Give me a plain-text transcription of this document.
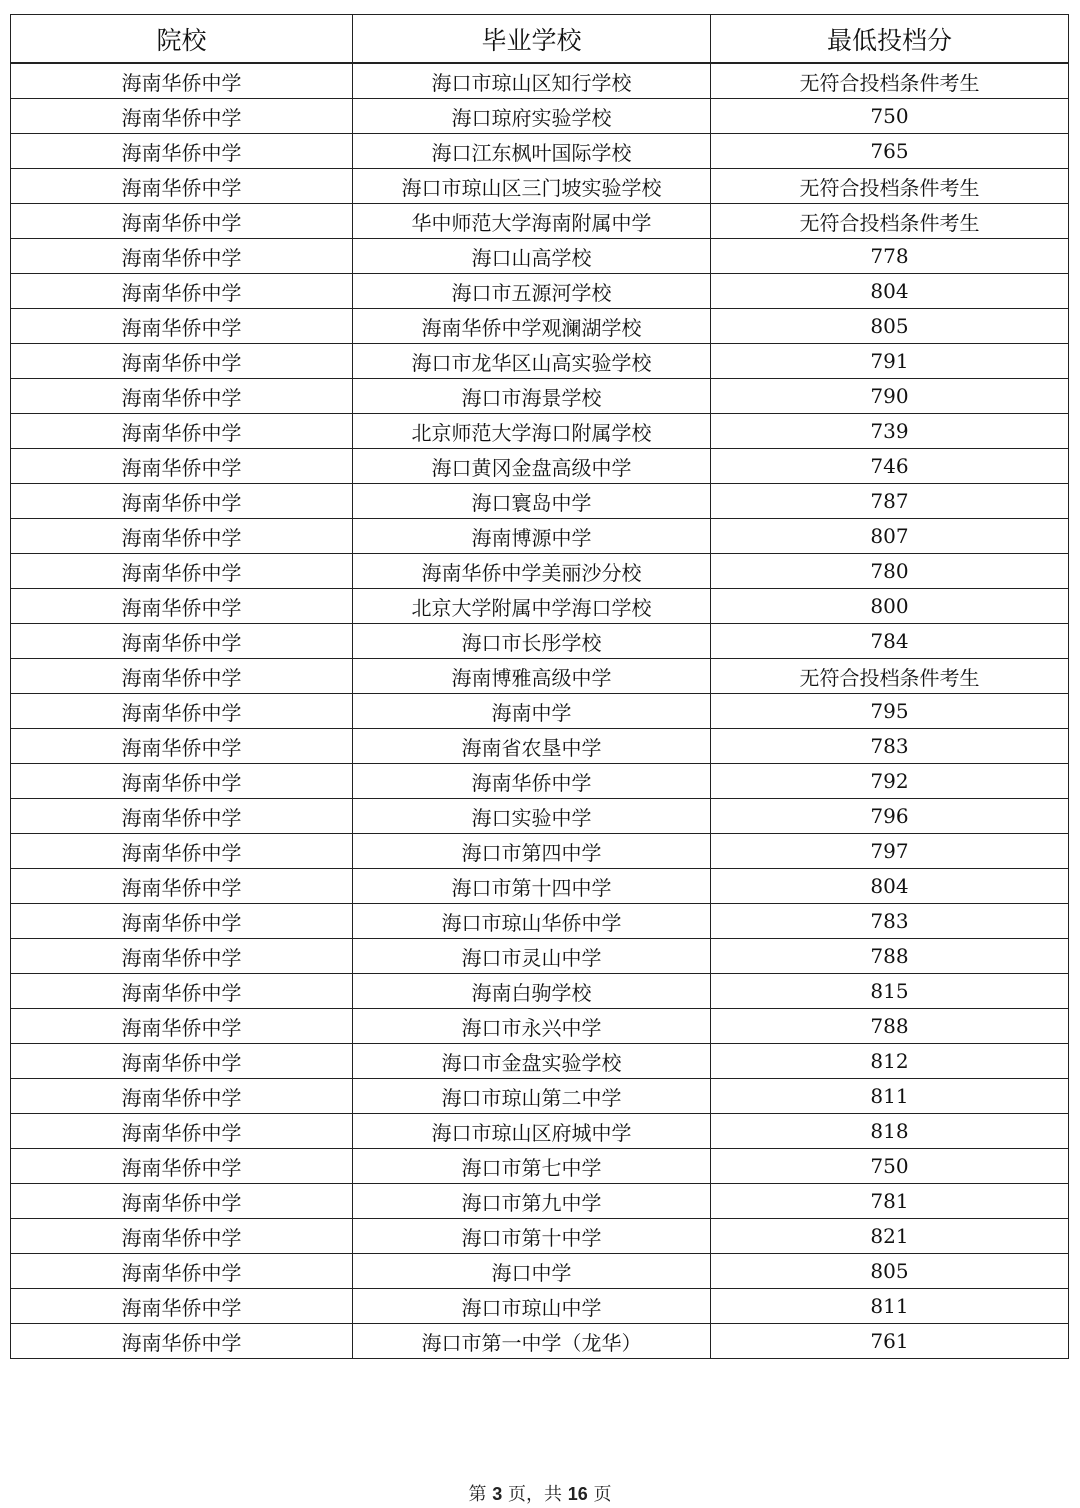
院校	毕业学校	最低投档分
海南华侨中学	海口市琼山区知行学校	无符合投档条件考生
海南华侨中学	海口琼府实验学校	750
海南华侨中学	海口江东枫叶国际学校	765
海南华侨中学	海口市琼山区三门坡实验学校	无符合投档条件考生
海南华侨中学	华中师范大学海南附属中学	无符合投档条件考生
海南华侨中学	海口山高学校	778
海南华侨中学	海口市五源河学校	804
海南华侨中学	海南华侨中学观澜湖学校	805
海南华侨中学	海口市龙华区山高实验学校	791
海南华侨中学	海口市海景学校	790
海南华侨中学	北京师范大学海口附属学校	739
海南华侨中学	海口黄冈金盘高级中学	746
海南华侨中学	海口寰岛中学	787
海南华侨中学	海南博源中学	807
海南华侨中学	海南华侨中学美丽沙分校	780
海南华侨中学	北京大学附属中学海口学校	800
海南华侨中学	海口市长彤学校	784
海南华侨中学	海南博雅高级中学	无符合投档条件考生
海南华侨中学	海南中学	795
海南华侨中学	海南省农垦中学	783
海南华侨中学	海南华侨中学	792
海南华侨中学	海口实验中学	796
海南华侨中学	海口市第四中学	797
海南华侨中学	海口市第十四中学	804
海南华侨中学	海口市琼山华侨中学	783
海南华侨中学	海口市灵山中学	788
海南华侨中学	海南白驹学校	815
海南华侨中学	海口市永兴中学	788
海南华侨中学	海口市金盘实验学校	812
海南华侨中学	海口市琼山第二中学	811
海南华侨中学	海口市琼山区府城中学	818
海南华侨中学	海口市第七中学	750
海南华侨中学	海口市第九中学	781
海南华侨中学	海口市第十中学	821
海南华侨中学	海口中学	805
海南华侨中学	海口市琼山中学	811
海南华侨中学	海口市第一中学（龙华）	761
第 3 页，共 16 页
